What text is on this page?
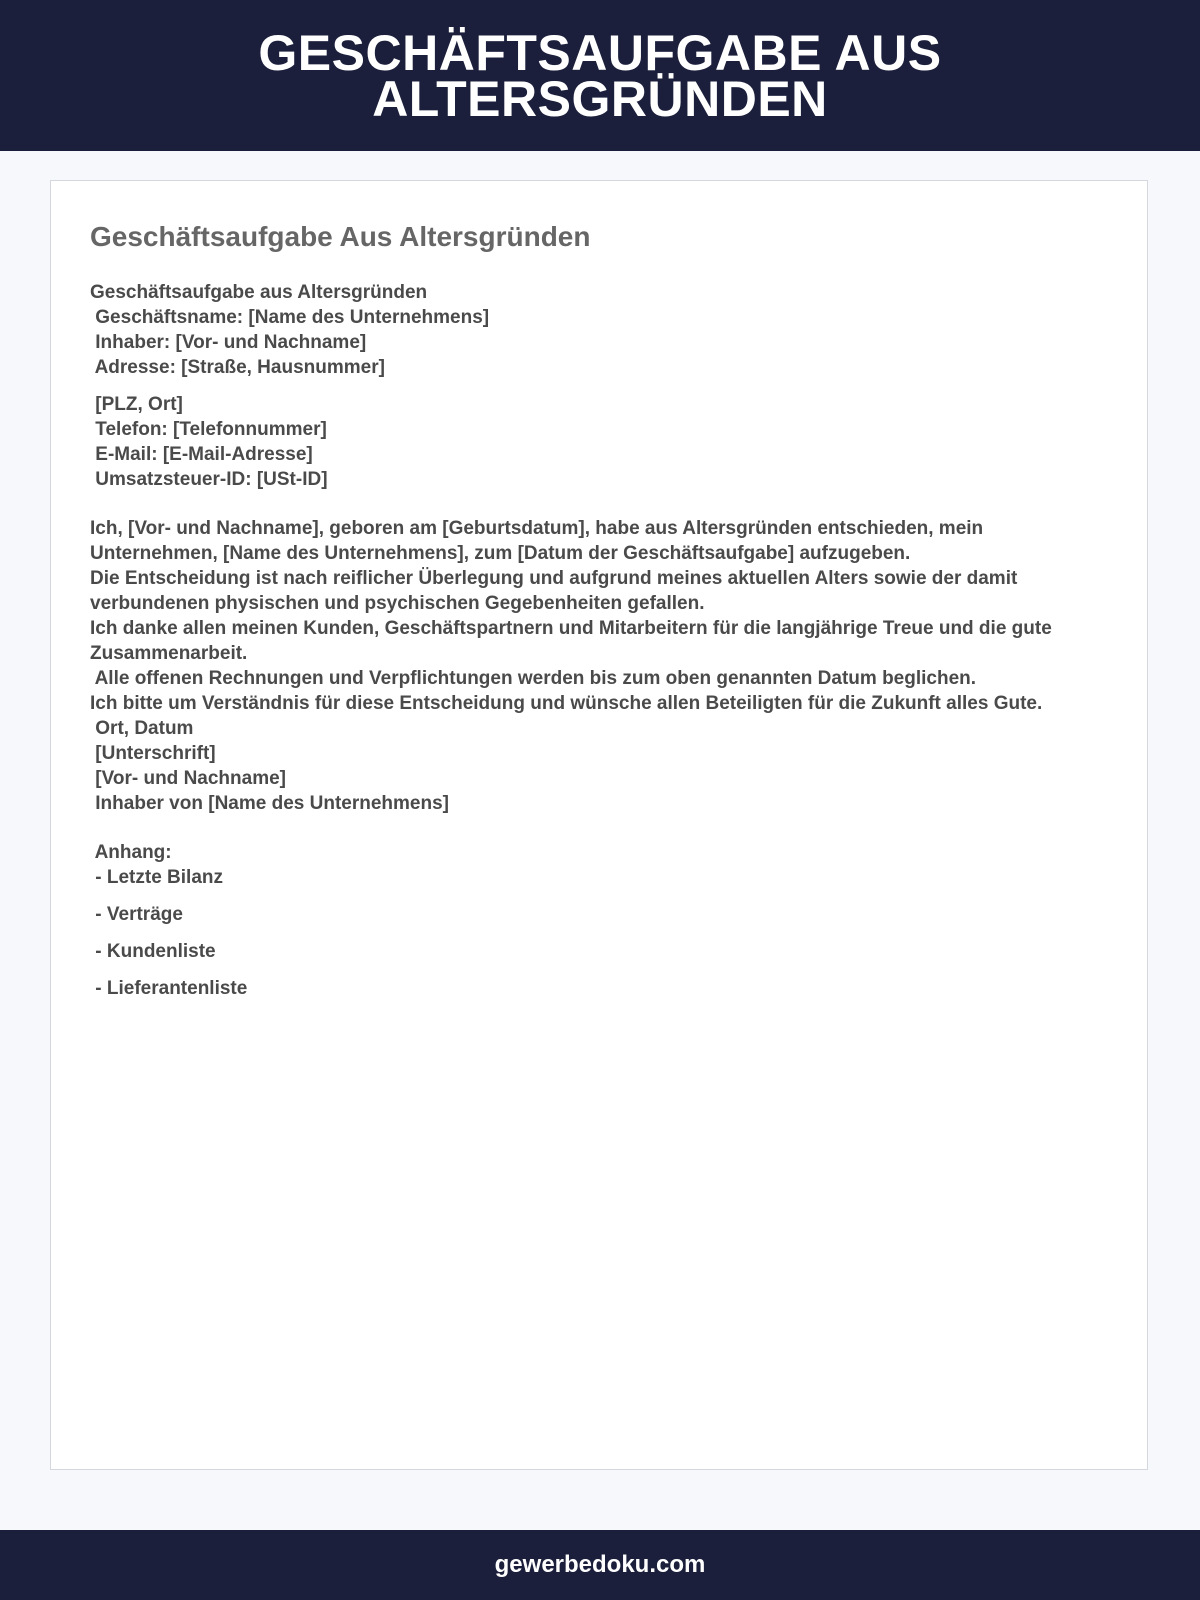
GESCHÄFTSAUFGABE AUS ALTERSGRÜNDEN
Geschäftsaufgabe Aus Altersgründen
Geschäftsaufgabe aus Altersgründen
Geschäftsname: [Name des Unternehmens]
Inhaber: [Vor- und Nachname]
Adresse: [Straße, Hausnummer]
[PLZ, Ort]
Telefon: [Telefonnummer]
E-Mail: [E-Mail-Adresse]
Umsatzsteuer-ID: [USt-ID]
Ich, [Vor- und Nachname], geboren am [Geburtsdatum], habe aus Altersgründen entschieden, mein Unternehmen, [Name des Unternehmens], zum [Datum der Geschäftsaufgabe] aufzugeben.
Die Entscheidung ist nach reiflicher Überlegung und aufgrund meines aktuellen Alters sowie der damit verbundenen physischen und psychischen Gegebenheiten gefallen.
Ich danke allen meinen Kunden, Geschäftspartnern und Mitarbeitern für die langjährige Treue und die gute Zusammenarbeit.
Alle offenen Rechnungen und Verpflichtungen werden bis zum oben genannten Datum beglichen.
Ich bitte um Verständnis für diese Entscheidung und wünsche allen Beteiligten für die Zukunft alles Gute.
Ort, Datum
[Unterschrift]
[Vor- und Nachname]
Inhaber von [Name des Unternehmens]
Anhang:
- Letzte Bilanz
- Verträge
- Kundenliste
- Lieferantenliste
gewerbedoku.com
